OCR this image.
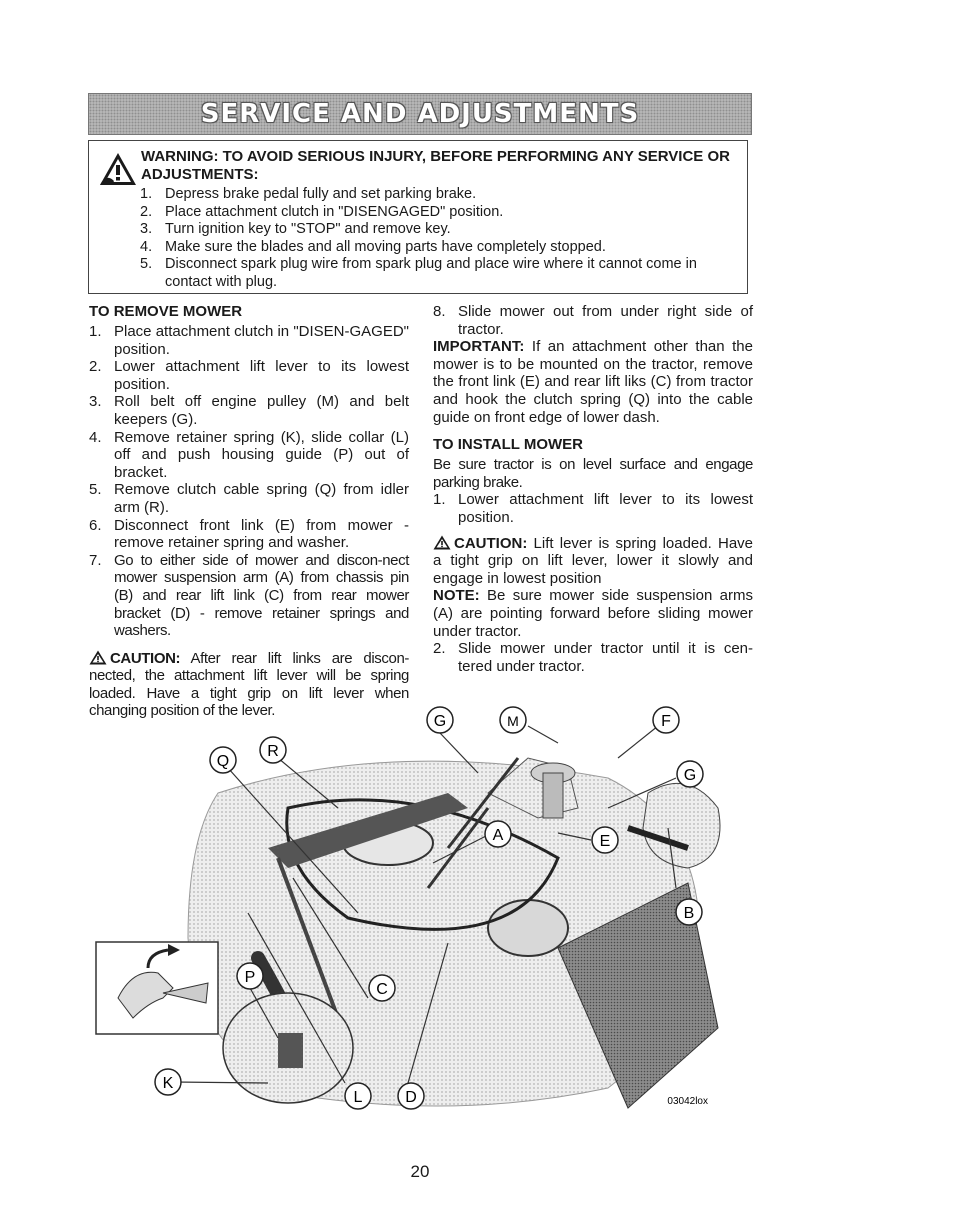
SERVICE AND ADJUSTMENTS
WARNING: TO AVOID SERIOUS INJURY, BEFORE PERFORMING ANY SERVICE OR ADJUSTMENTS:
1. Depress brake pedal fully and set parking brake.
2. Place attachment clutch in "DISENGAGED" position.
3. Turn ignition key to "STOP" and remove key.
4. Make sure the blades and all moving parts have completely stopped.
5. Disconnect spark plug wire from spark plug and place wire where it cannot come in contact with plug.
TO REMOVE MOWER
1. Place attachment clutch in "DISEN-GAGED" position.
2. Lower attachment lift lever to its lowest position.
3. Roll belt off engine pulley (M) and belt keepers (G).
4. Remove retainer spring (K), slide collar (L) off and push housing guide (P) out of bracket.
5. Remove clutch cable spring (Q) from idler arm (R).
6. Disconnect front link (E) from mower - remove retainer spring and washer.
7. Go to either side of mower and discon-nect mower suspension arm (A) from chassis pin (B) and rear lift link (C) from rear mower bracket (D) - remove retainer springs and washers.

CAUTION: After rear lift links are discon-nected, the attachment lift lever will be spring loaded. Have a tight grip on lift lever when changing position of the lever.

8. Slide mower out from under right side of tractor.

IMPORTANT: If an attachment other than the mower is to be mounted on the tractor, remove the front link (E) and rear lift liks (C) from tractor and hook the clutch spring (Q) into the cable guide on front edge of lower dash.

TO INSTALL MOWER

Be sure tractor is on level surface and engage parking brake.

1. Lower attachment lift lever to its lowest position.

CAUTION: Lift lever is spring loaded. Have a tight grip on lift lever, lower it slowly and engage in lowest position

NOTE: Be sure mower side suspension arms (A) are pointing forward before sliding mower under tractor.

2. Slide mower under tractor until it is cen-tered under tractor.
G	M	F
G
Q
R
A	E
B
P
C
K
L	D	03042lox
20
